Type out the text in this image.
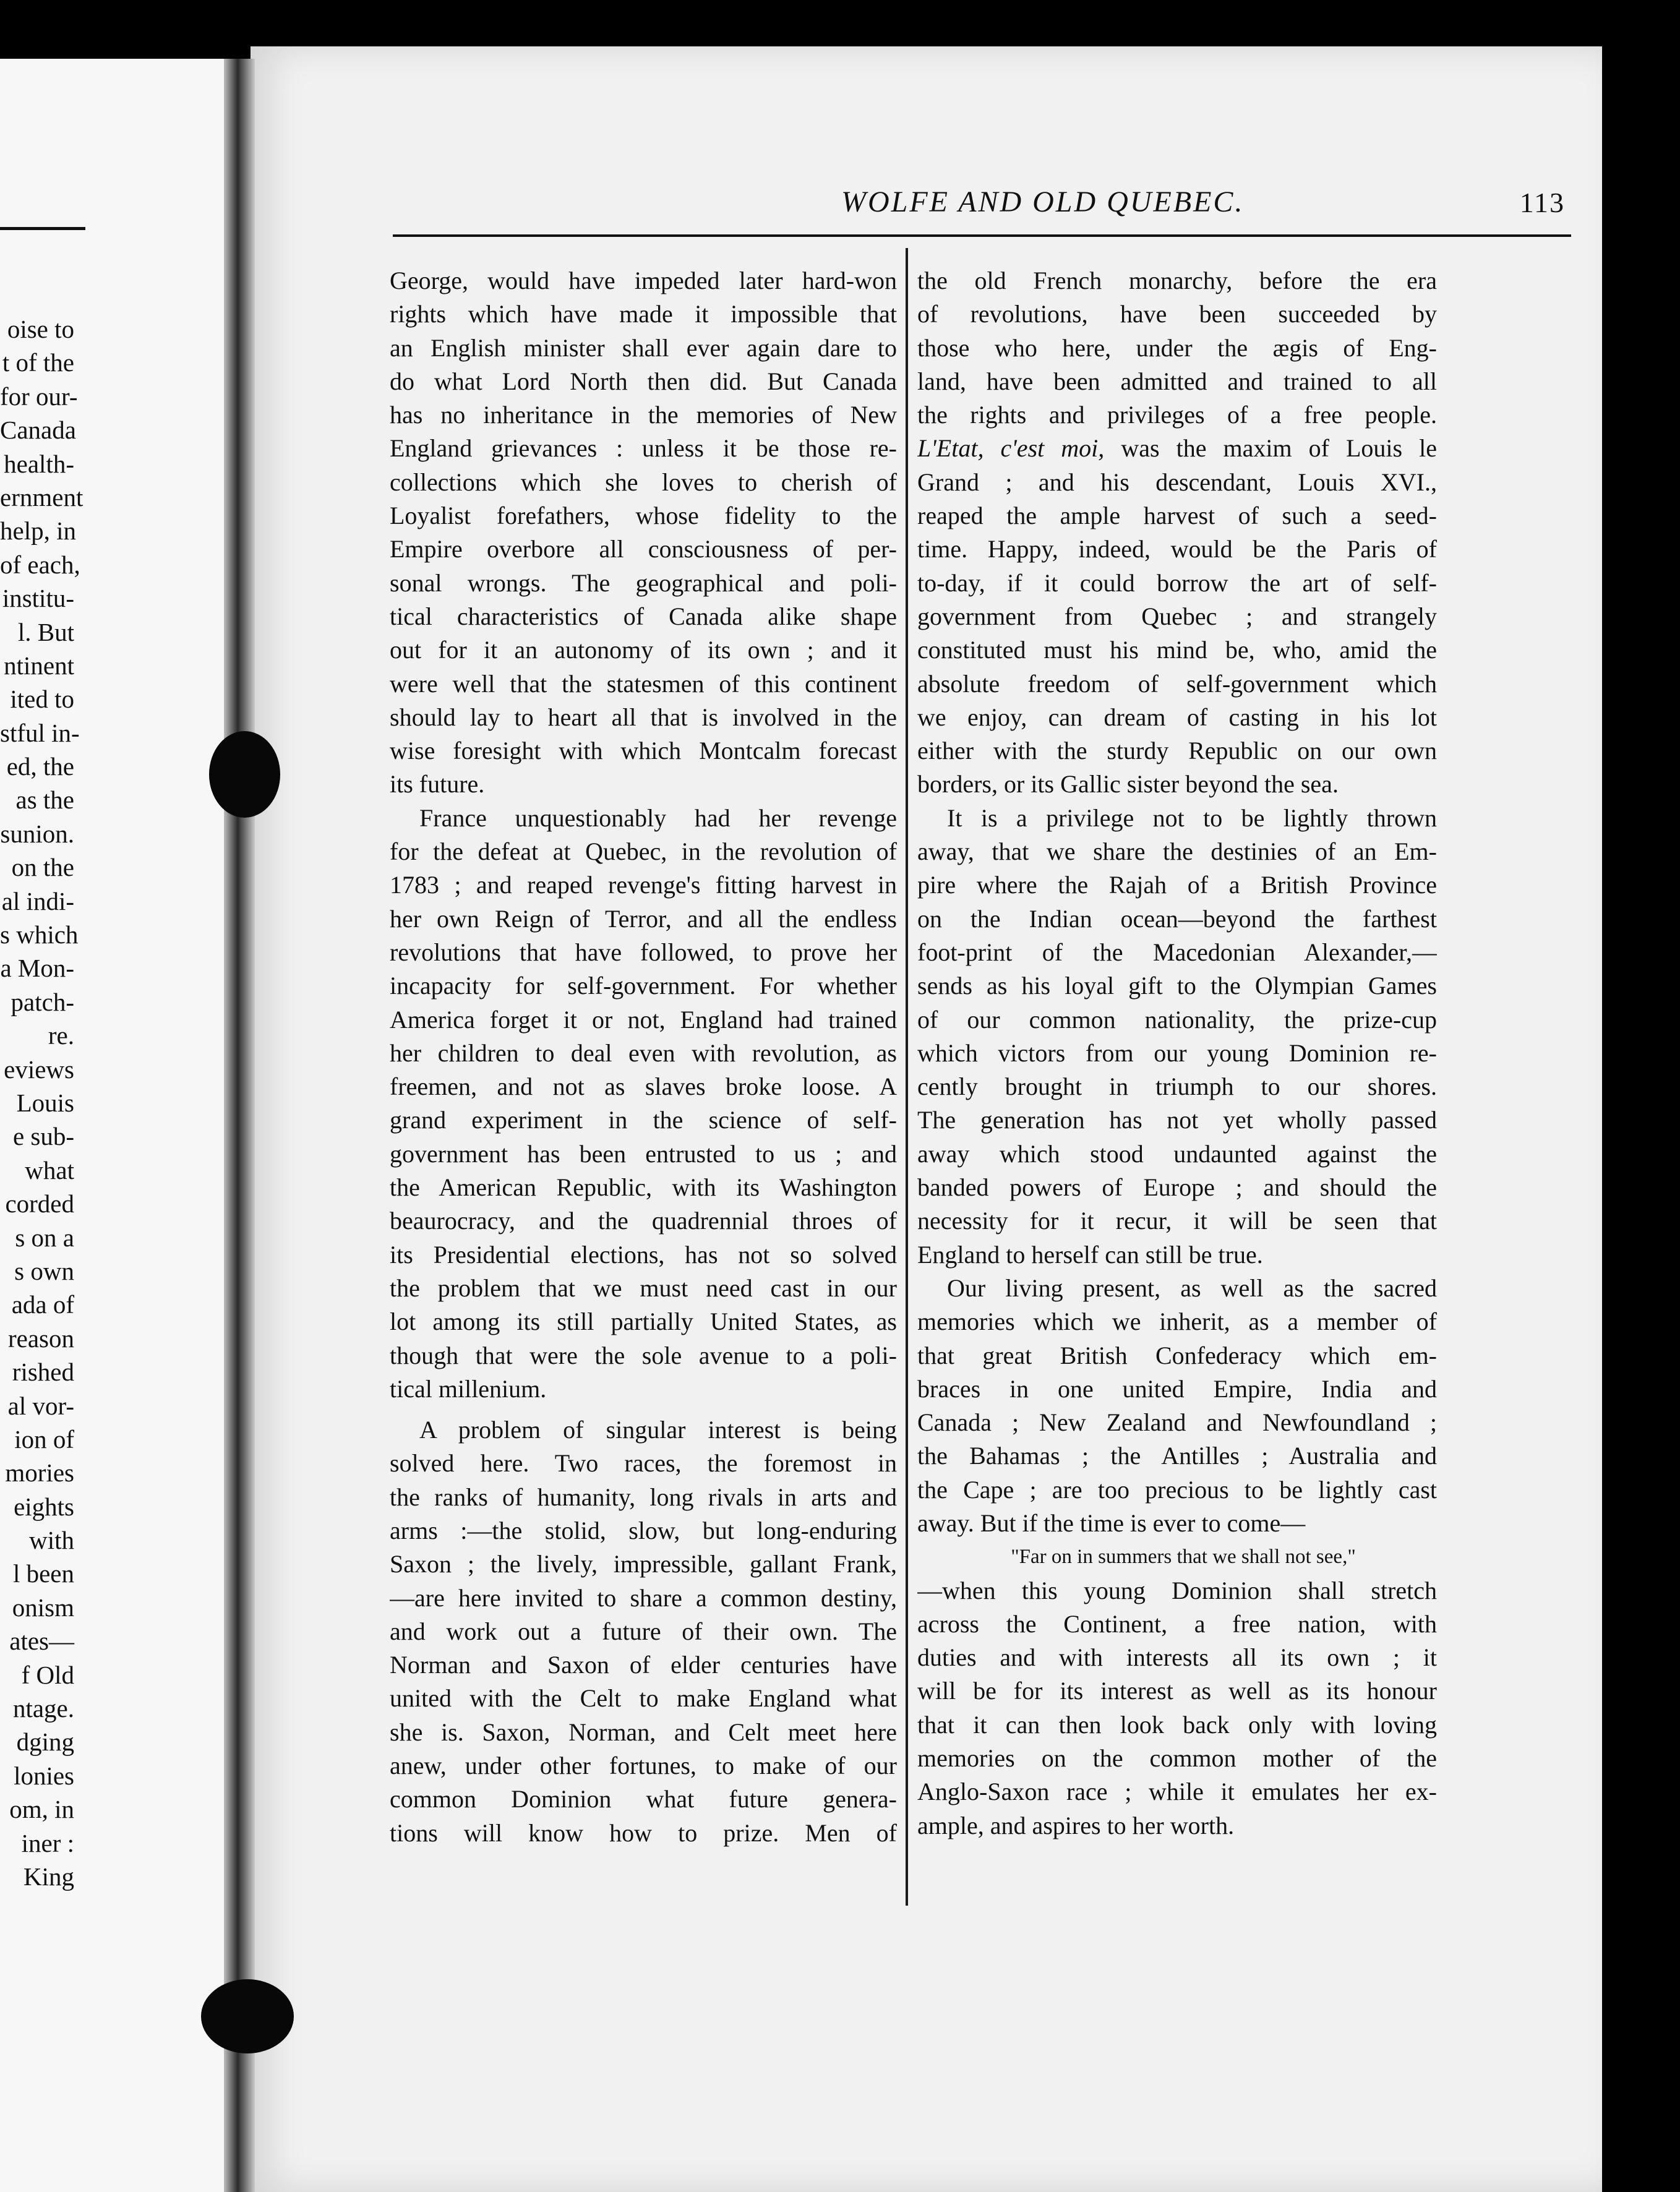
oise to
t of the
for our-
Canada
health-
ernment
help, in
of each,
institu-
l. But
ntinent
ited to
stful in-
ed, the
as the
sunion.
on the
al indi-
s which
a Mon-
patch-
re.
eviews
Louis
e sub-
what
corded
s on a
s own
ada of
reason
rished
al vor-
ion of
mories
eights
with
l been
onism
ates—
f Old
ntage.
dging
lonies
om, in
iner :
King
WOLFE AND OLD QUEBEC.	113
George, would have impeded later hard-won
rights which have made it impossible that
an English minister shall ever again dare to
do what Lord North then did. But Canada
has no inheritance in the memories of New
England grievances : unless it be those re-
collections which she loves to cherish of
Loyalist forefathers, whose fidelity to the
Empire overbore all consciousness of per-
sonal wrongs. The geographical and poli-
tical characteristics of Canada alike shape
out for it an autonomy of its own ; and it
were well that the statesmen of this continent
should lay to heart all that is involved in the
wise foresight with which Montcalm forecast
its future.
France unquestionably had her revenge
for the defeat at Quebec, in the revolution of
1783 ; and reaped revenge's fitting harvest in
her own Reign of Terror, and all the endless
revolutions that have followed, to prove her
incapacity for self-government. For whether
America forget it or not, England had trained
her children to deal even with revolution, as
freemen, and not as slaves broke loose. A
grand experiment in the science of self-
government has been entrusted to us ; and
the American Republic, with its Washington
beaurocracy, and the quadrennial throes of
its Presidential elections, has not so solved
the problem that we must need cast in our
lot among its still partially United States, as
though that were the sole avenue to a poli-
tical millenium.
A problem of singular interest is being
solved here. Two races, the foremost in
the ranks of humanity, long rivals in arts and
arms :—the stolid, slow, but long-enduring
Saxon ; the lively, impressible, gallant Frank,
—are here invited to share a common destiny,
and work out a future of their own. The
Norman and Saxon of elder centuries have
united with the Celt to make England what
she is. Saxon, Norman, and Celt meet here
anew, under other fortunes, to make of our
common Dominion what future genera-
tions will know how to prize. Men of
the old French monarchy, before the era
of revolutions, have been succeeded by
those who here, under the ægis of Eng-
land, have been admitted and trained to all
the rights and privileges of a free people.
L'Etat, c'est moi, was the maxim of Louis le
Grand ; and his descendant, Louis XVI.,
reaped the ample harvest of such a seed-
time. Happy, indeed, would be the Paris of
to-day, if it could borrow the art of self-
government from Quebec ; and strangely
constituted must his mind be, who, amid the
absolute freedom of self-government which
we enjoy, can dream of casting in his lot
either with the sturdy Republic on our own
borders, or its Gallic sister beyond the sea.
It is a privilege not to be lightly thrown
away, that we share the destinies of an Em-
pire where the Rajah of a British Province
on the Indian ocean—beyond the farthest
foot-print of the Macedonian Alexander,—
sends as his loyal gift to the Olympian Games
of our common nationality, the prize-cup
which victors from our young Dominion re-
cently brought in triumph to our shores.
The generation has not yet wholly passed
away which stood undaunted against the
banded powers of Europe ; and should the
necessity for it recur, it will be seen that
England to herself can still be true.
Our living present, as well as the sacred
memories which we inherit, as a member of
that great British Confederacy which em-
braces in one united Empire, India and
Canada ; New Zealand and Newfoundland ;
the Bahamas ; the Antilles ; Australia and
the Cape ; are too precious to be lightly cast
away. But if the time is ever to come—
"Far on in summers that we shall not see,"
—when this young Dominion shall stretch
across the Continent, a free nation, with
duties and with interests all its own ; it
will be for its interest as well as its honour
that it can then look back only with loving
memories on the common mother of the
Anglo-Saxon race ; while it emulates her ex-
ample, and aspires to her worth.
